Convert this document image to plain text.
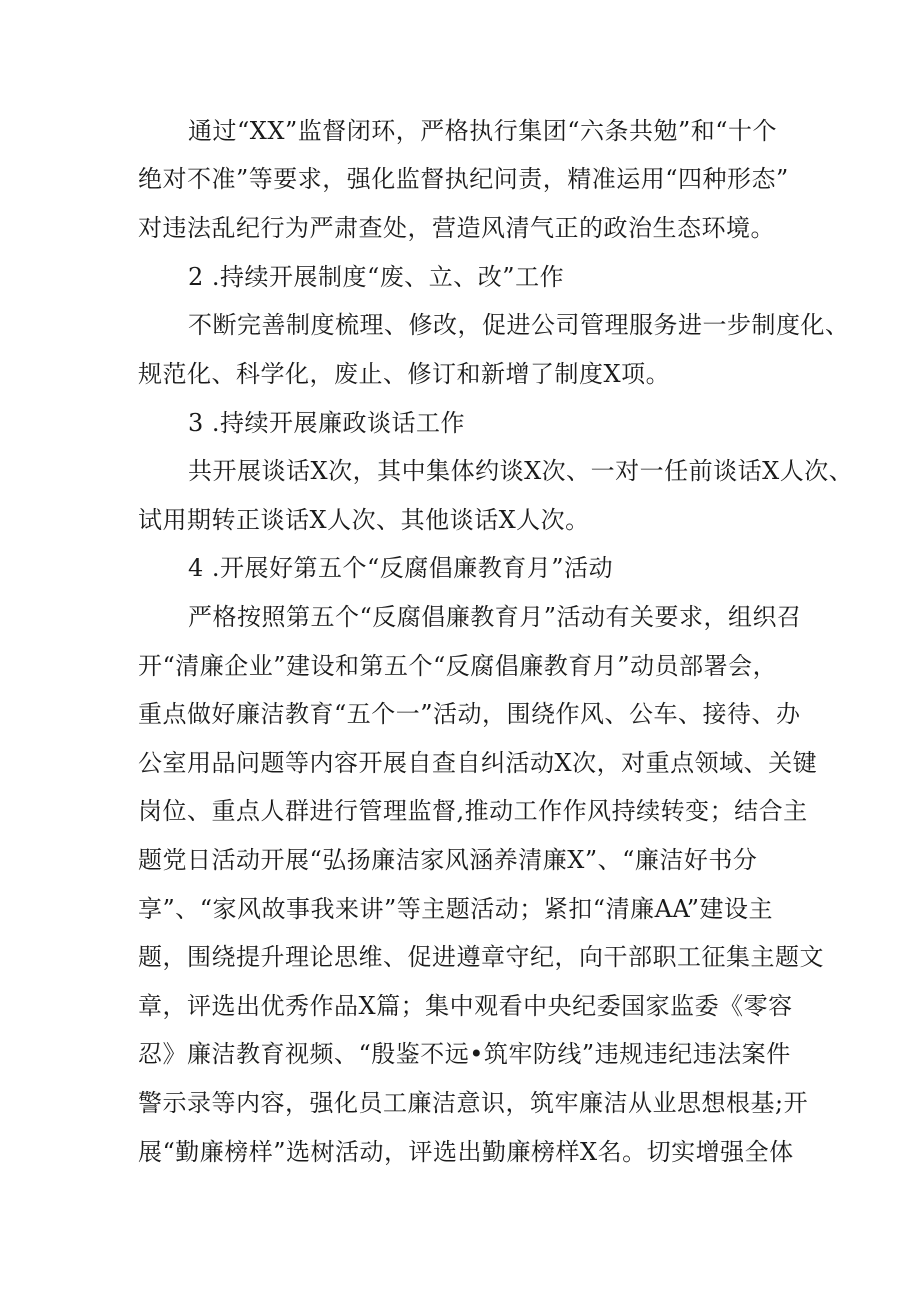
通过“XX”监督闭环，严格执行集团“六条共勉”和“十个
绝对不准”等要求，强化监督执纪问责，精准运用“四种形态”
对违法乱纪行为严肃查处，营造风清气正的政治生态环境。
2 .持续开展制度“废、立、改”工作
不断完善制度梳理、修改，促进公司管理服务进一步制度化、
规范化、科学化，废止、修订和新增了制度X项。
3 .持续开展廉政谈话工作
共开展谈话X次，其中集体约谈X次、一对一任前谈话X人次、
试用期转正谈话X人次、其他谈话X人次。
4 .开展好第五个“反腐倡廉教育月”活动
严格按照第五个“反腐倡廉教育月”活动有关要求，组织召
开“清廉企业”建设和第五个“反腐倡廉教育月”动员部署会，
重点做好廉洁教育“五个一”活动，围绕作风、公车、接待、办
公室用品问题等内容开展自查自纠活动X次，对重点领域、关键
岗位、重点人群进行管理监督,推动工作作风持续转变；结合主
题党日活动开展“弘扬廉洁家风涵养清廉X”、“廉洁好书分
享”、“家风故事我来讲”等主题活动；紧扣“清廉AA”建设主
题，围绕提升理论思维、促进遵章守纪，向干部职工征集主题文
章，评选出优秀作品X篇；集中观看中央纪委国家监委《零容
忍》廉洁教育视频、“殷鉴不远•筑牢防线”违规违纪违法案件
警示录等内容，强化员工廉洁意识，筑牢廉洁从业思想根基;开
展“勤廉榜样”选树活动，评选出勤廉榜样X名。切实增强全体
